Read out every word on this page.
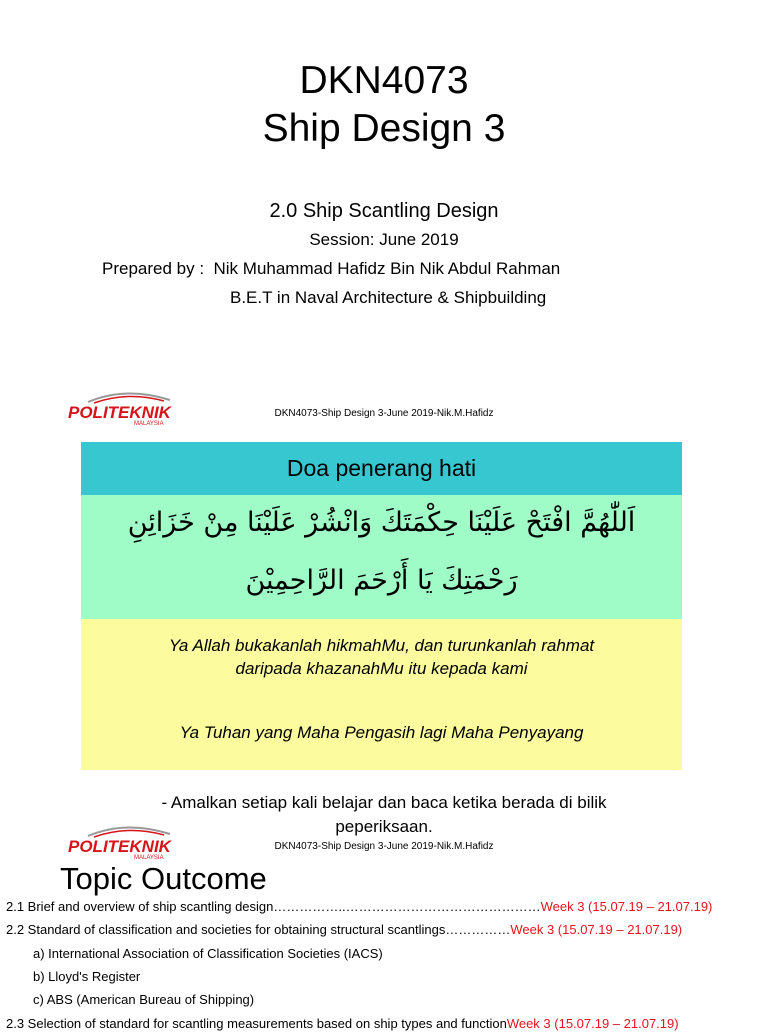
DKN4073
Ship Design 3
2.0 Ship Scantling Design
Session: June 2019
Prepared by :  Nik Muhammad Hafidz Bin Nik Abdul Rahman
B.E.T in Naval Architecture & Shipbuilding
POLITEKNIK
MALAYSIA
DKN4073-Ship Design 3-June 2019-Nik.M.Hafidz
Doa penerang hati
اَللّٰهُمَّ افْتَحْ عَلَيْنَا حِكْمَتَكَ وَانْشُرْ عَلَيْنَا مِنْ خَزَائِنِ
رَحْمَتِكَ يَا أَرْحَمَ الرَّاحِمِيْنَ
Ya Allah bukakanlah hikmahMu, dan turunkanlah rahmat
daripada khazanahMu itu kepada kami
Ya Tuhan yang Maha Pengasih lagi Maha Penyayang
- Amalkan setiap kali belajar dan baca ketika berada di bilik
peperiksaan.
POLITEKNIK
MALAYSIA
DKN4073-Ship Design 3-June 2019-Nik.M.Hafidz
Topic Outcome
2.1 Brief and overview of ship scantling design……………..………………………………………Week 3 (15.07.19 – 21.07.19)
2.2 Standard of classification and societies for obtaining structural scantlings……………Week 3 (15.07.19 – 21.07.19)
a) International Association of Classification Societies (IACS)
b) Lloyd's Register
c) ABS (American Bureau of Shipping)
2.3 Selection of standard for scantling measurements based on ship types and functionWeek 3 (15.07.19 – 21.07.19)
